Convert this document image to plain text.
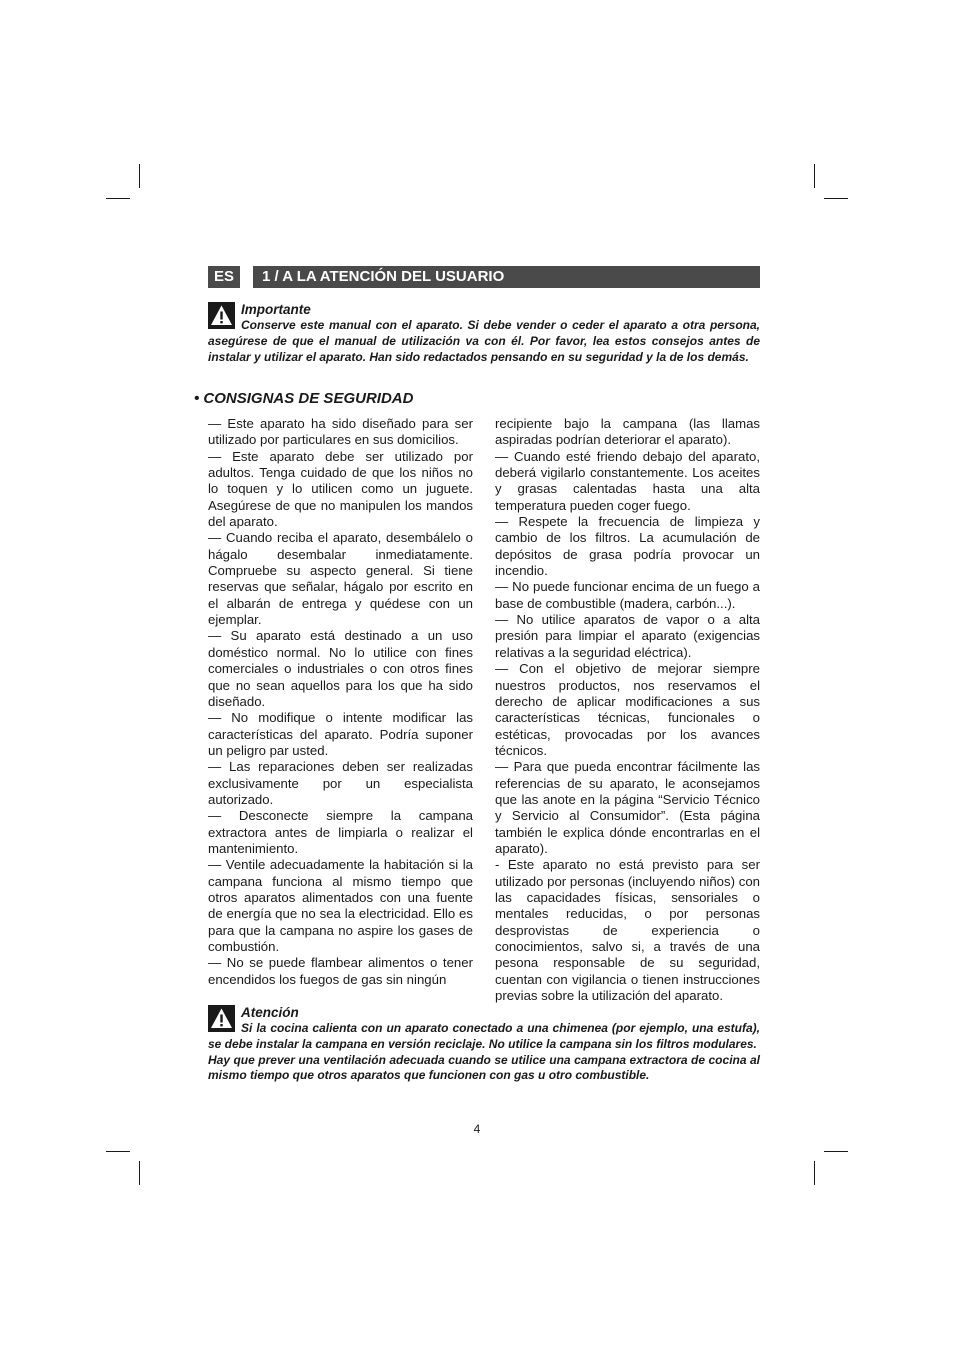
ES	1 / A LA ATENCIÓN DEL USUARIO
Importante

Conserve este manual con el aparato. Si debe vender o ceder el aparato a otra persona, asegúrese de que el manual de utilización va con él. Por favor, lea estos consejos antes de instalar y utilizar el aparato. Han sido redactados pensando en su seguridad y la de los demás.

• CONSIGNAS DE SEGURIDAD

— Este aparato ha sido diseñado para ser utilizado por particulares en sus domicilios.

— Este aparato debe ser utilizado por adultos. Tenga cuidado de que los niños no lo toquen y lo utilicen como un juguete. Asegúrese de que no manipulen los mandos del aparato.

— Cuando reciba el aparato, desembálelo o hágalo desembalar inmediatamente. Compruebe su aspecto general. Si tiene reservas que señalar, hágalo por escrito en el albarán de entrega y quédese con un ejemplar.

— Su aparato está destinado a un uso doméstico normal. No lo utilice con fines comerciales o industriales o con otros fines que no sean aquellos para los que ha sido diseñado.

— No modifique o intente modificar las características del aparato. Podría suponer un peligro par usted.

— Las reparaciones deben ser realizadas exclusivamente por un especialista autorizado.

— Desconecte siempre la campana extractora antes de limpiarla o realizar el mantenimiento.

— Ventile adecuadamente la habitación si la campana funciona al mismo tiempo que otros aparatos alimentados con una fuente de energía que no sea la electricidad. Ello es para que la campana no aspire los gases de combustión.

— No se puede flambear alimentos o tener encendidos los fuegos de gas sin ningún

recipiente bajo la campana (las llamas aspiradas podrían deteriorar el aparato).

— Cuando esté friendo debajo del aparato, deberá vigilarlo constantemente. Los aceites y grasas calentadas hasta una alta temperatura pueden coger fuego.

— Respete la frecuencia de limpieza y cambio de los filtros. La acumulación de depósitos de grasa podría provocar un incendio.

— No puede funcionar encima de un fuego a base de combustible (madera, carbón...).

— No utilice aparatos de vapor o a alta presión para limpiar el aparato (exigencias relativas a la seguridad eléctrica).

— Con el objetivo de mejorar siempre nuestros productos, nos reservamos el derecho de aplicar modificaciones a sus características técnicas, funcionales o estéticas, provocadas por los avances técnicos.

— Para que pueda encontrar fácilmente las referencias de su aparato, le aconsejamos que las anote en la página “Servicio Técnico y Servicio al Consumidor”. (Esta página también le explica dónde encontrarlas en el aparato).

- Este aparato no está previsto para ser utilizado por personas (incluyendo niños) con las capacidades físicas, sensoriales o mentales reducidas, o por personas desprovistas de experiencia o conocimientos, salvo si, a través de una pesona responsable de su seguridad, cuentan con vigilancia o tienen instrucciones previas sobre la utilización del aparato.

Atención

Si la cocina calienta con un aparato conectado a una chimenea (por ejemplo, una estufa), se debe instalar la campana en versión reciclaje. No utilice la campana sin los filtros modulares.

Hay que prever una ventilación adecuada cuando se utilice una campana extractora de cocina al mismo tiempo que otros aparatos que funcionen con gas u otro combustible.

4
